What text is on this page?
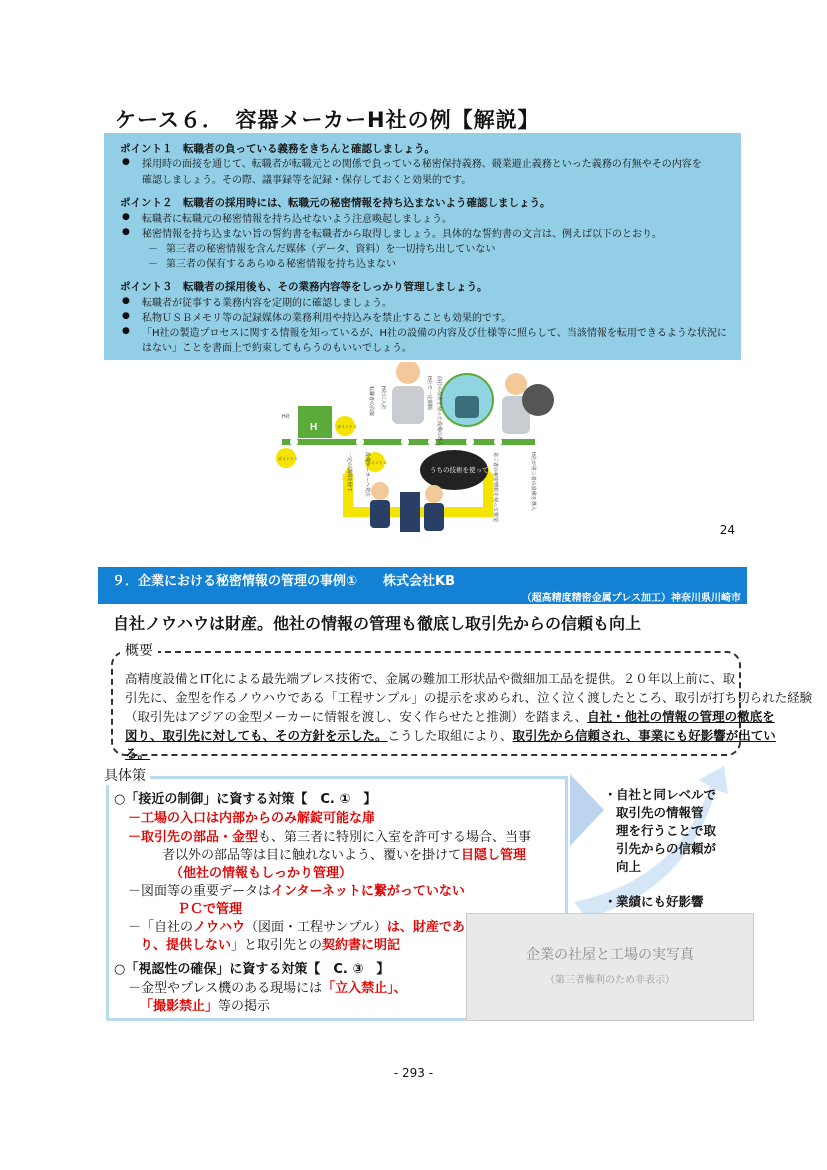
ケース６．　容器メーカーH社の例【解説】
ポイント１　転職者の負っている義務をきちんと確認しましょう。
● 採用時の面接を通じて、転職者が転職元との関係で負っている秘密保持義務、競業避止義務といった義務の有無やその内容を
確認しましょう。その際、議事録等を記録・保存しておくと効果的です。
ポイント２　転職者の採用時には、転職元の秘密情報を持ち込まないよう確認しましょう。
● 転職者に転職元の秘密情報を持ち込せないよう注意喚起しましょう。
● 秘密情報を持ち込まない旨の誓約書を転職者から取得しましょう。具体的な誓約書の文言は、例えば以下のとおり。
－ 第三者の秘密情報を含んだ媒体（データ、資料）を一切持ち出していない
－ 第三者の保有するあらゆる秘密情報を持ち込まない
ポイント３　転職者の採用後も、その業務内容等をしっかり管理しましょう。
● 転職者が従事する業務内容を定期的に確認しましょう。
● 私物ＵＳＢメモリ等の記録媒体の業務利用や持込みを禁止することも効果的です。
● 「H社の製造プロセスに関する情報を知っているが、H社の設備の内容及び仕様等に照らして、当該情報を転用できるような状況に
はない」ことを書面上で約束してもらうのもいいでしょう。
H
H社
ポイント１
ポイント２
ポイント３
うちの技術を使っている！
H社に入社
転職者の面接	H社で一定期間 前社の技術を使った設備の導入
設備メーカーへ発注
一定の期間を経て	第三者の秘密情報を使って製造	H社が第三者の設備を導入
24
９．企業における秘密情報の管理の事例①　　株式会社KB
（超高精度精密金属プレス加工）神奈川県川崎市
自社ノウハウは財産。他社の情報の管理も徹底し取引先からの信頼も向上
概要
高精度設備とIT化による最先端プレス技術で、金属の難加工形状品や微細加工品を提供。２０年以上前に、取
引先に、金型を作るノウハウである「工程サンプル」の提示を求められ、泣く泣く渡したところ、取引が打ち切られた経験
（取引先はアジアの金型メーカーに情報を渡し、安く作らせたと推測）を踏まえ、自社・他社の情報の管理の徹底を
図り、取引先に対しても、その方針を示した。こうした取組により、取引先から信頼され、事業にも好影響が出てい
る。
具体策
○「接近の制御」に資する対策【　C. ①　】
－工場の入口は内部からのみ解錠可能な扉
－取引先の部品・金型も、第三者に特別に入室を許可する場合、当事
者以外の部品等は目に触れないよう、覆いを掛けて目隠し管理
（他社の情報もしっかり管理）
－図面等の重要データはインターネットに繋がっていない
ＰＣで管理
－「自社のノウハウ（図面・工程サンプル）は、財産であ
り、提供しない」と取引先との契約書に明記
○「視認性の確保」に資する対策【　C. ③　】
－金型やプレス機のある現場には「立入禁止」、
「撮影禁止」等の掲示
・ 自社と同レベルで
取引先の情報管
理を行うことで取
引先からの信頼が
向上
・ 業績にも好影響
企業の社屋と工場の実写真
（第三者権利のため非表示）
- 293 -
